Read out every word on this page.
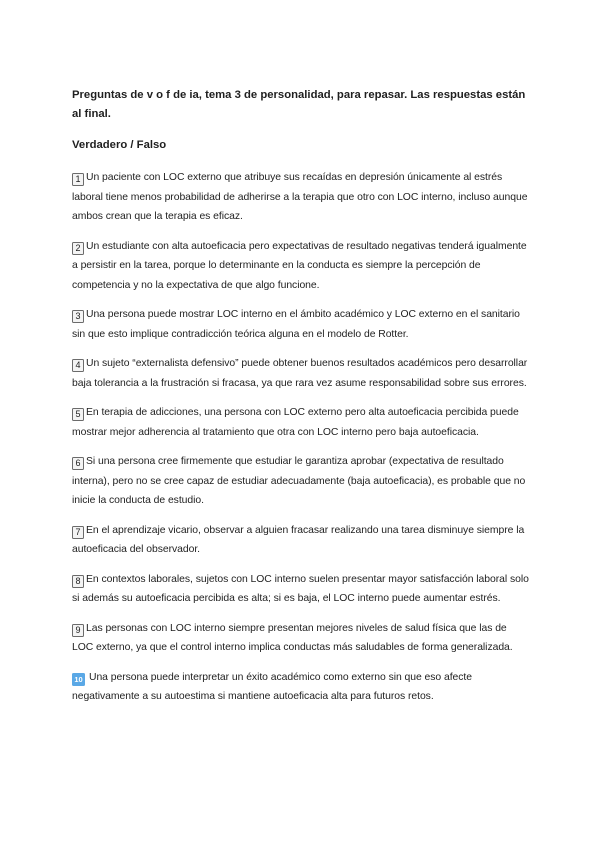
Preguntas de v o f de ia, tema 3 de personalidad, para repasar. Las respuestas están al final.

Verdadero / Falso

1 Un paciente con LOC externo que atribuye sus recaídas en depresión únicamente al estrés laboral tiene menos probabilidad de adherirse a la terapia que otro con LOC interno, incluso aunque ambos crean que la terapia es eficaz.
2 Un estudiante con alta autoeficacia pero expectativas de resultado negativas tenderá igualmente a persistir en la tarea, porque lo determinante en la conducta es siempre la percepción de competencia y no la expectativa de que algo funcione.
3 Una persona puede mostrar LOC interno en el ámbito académico y LOC externo en el sanitario sin que esto implique contradicción teórica alguna en el modelo de Rotter.
4 Un sujeto “externalista defensivo” puede obtener buenos resultados académicos pero desarrollar baja tolerancia a la frustración si fracasa, ya que rara vez asume responsabilidad sobre sus errores.
5 En terapia de adicciones, una persona con LOC externo pero alta autoeficacia percibida puede mostrar mejor adherencia al tratamiento que otra con LOC interno pero baja autoeficacia.
6 Si una persona cree firmemente que estudiar le garantiza aprobar (expectativa de resultado interna), pero no se cree capaz de estudiar adecuadamente (baja autoeficacia), es probable que no inicie la conducta de estudio.
7 En el aprendizaje vicario, observar a alguien fracasar realizando una tarea disminuye siempre la autoeficacia del observador.
8 En contextos laborales, sujetos con LOC interno suelen presentar mayor satisfacción laboral solo si además su autoeficacia percibida es alta; si es baja, el LOC interno puede aumentar estrés.
9 Las personas con LOC interno siempre presentan mejores niveles de salud física que las de LOC externo, ya que el control interno implica conductas más saludables de forma generalizada.
10 Una persona puede interpretar un éxito académico como externo sin que eso afecte negativamente a su autoestima si mantiene autoeficacia alta para futuros retos.
